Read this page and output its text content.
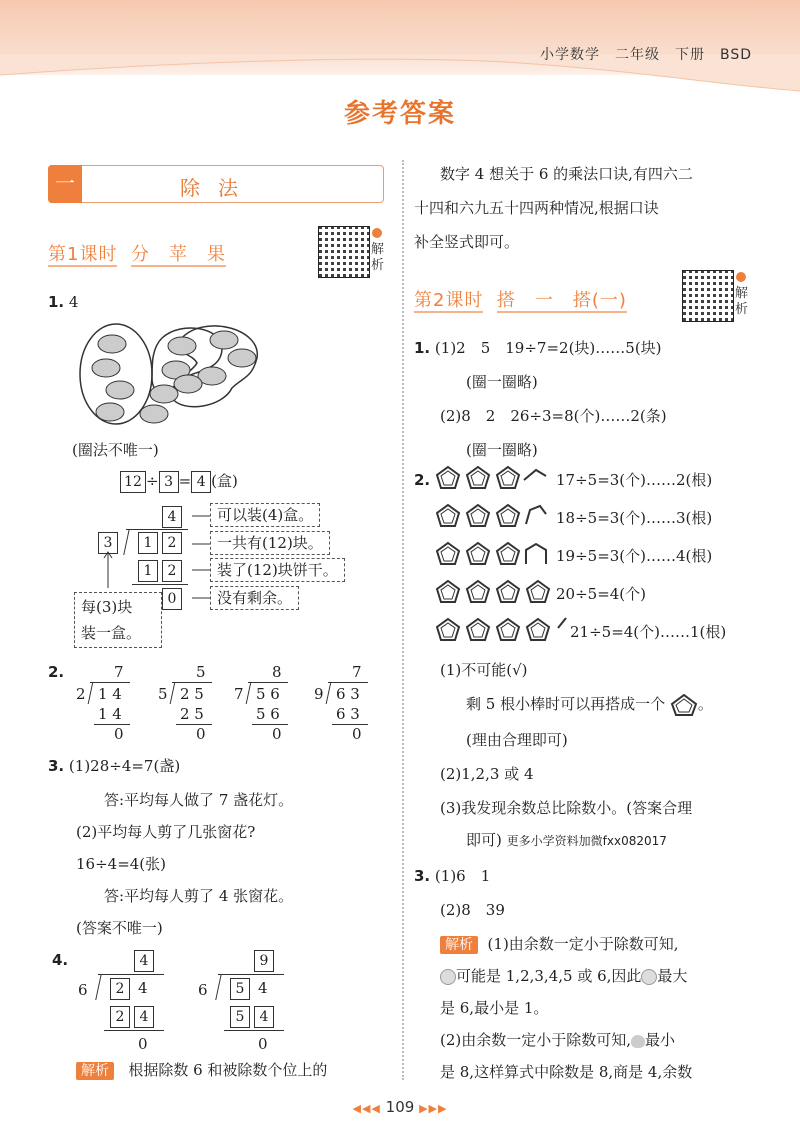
小学数学　二年级　下册　BSD
参考答案
一	除法
第1课时 分　苹　果	解析
1. 4
(圈法不唯一)
12 ÷ 3 = 4 (盒)
4
3	1	2
1	2
0
可以装(4)盒。
一共有(12)块。
装了(12)块饼干。
没有剩余。
每(3)块
装一盒。
2.	7
2 1 4
1 4
0
5
5 2 5
2 5
0
8
7 5 6
5 6
0
7
9 6 3
6 3
0
3. (1)28÷4=7(盏)
答:平均每人做了 7 盏花灯。
(2)平均每人剪了几张窗花?
16÷4=4(张)
答:平均每人剪了 4 张窗花。
(答案不唯一)
4.	4
6	2 4
2	4
0
9
6	5 4
5	4
0
解析 根据除数 6 和被除数个位上的
数字 4 想关于 6 的乘法口诀,有四六二
十四和六九五十四两种情况,根据口诀
补全竖式即可。
第2课时 搭　一　搭(一)	解析
1. (1)2　5　19÷7=2(块)……5(块)
(圈一圈略)
(2)8　2　26÷3=8(个)……2(条)
(圈一圈略)
2.	17÷5=3(个)……2(根)
18÷5=3(个)……3(根)
19÷5=3(个)……4(根)
20÷5=4(个)
21÷5=4(个)……1(根)
(1)不可能(√)
剩 5 根小棒时可以再搭成一个 。
(理由合理即可)
(2)1,2,3 或 4
(3)我发现余数总比除数小。(答案合理
即可) 更多小学资料加微fxx082017
3. (1)6　1
(2)8　39
解析 (1)由余数一定小于除数可知,
可能是 1,2,3,4,5 或 6,因此 最大
是 6,最小是 1。
(2)由余数一定小于除数可知, 最小
是 8,这样算式中除数是 8,商是 4,余数
◀◀◀ 109 ▶▶▶
